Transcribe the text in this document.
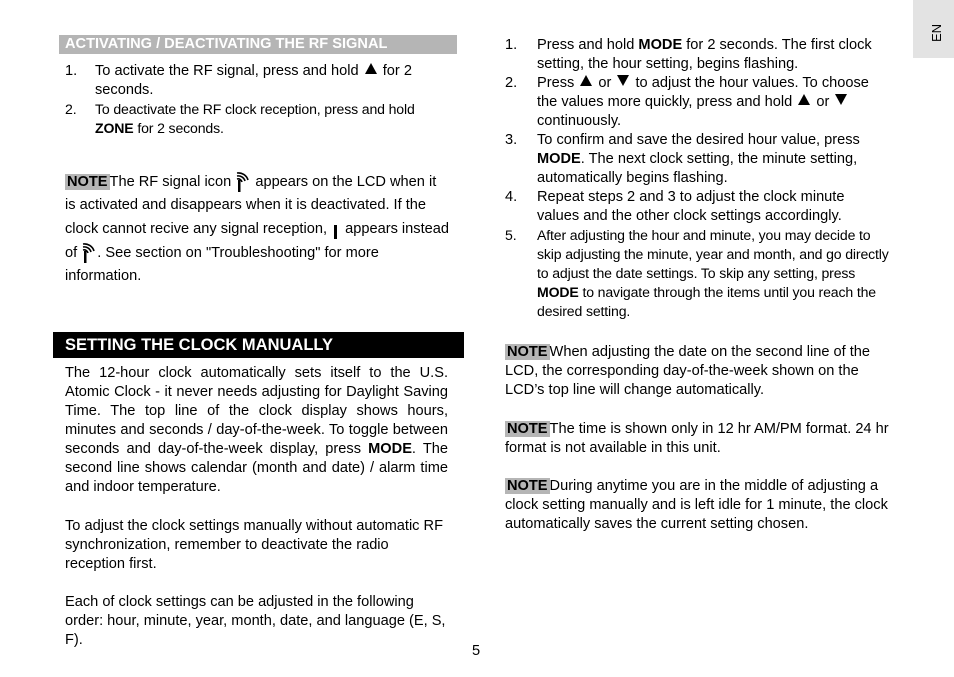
EN
ACTIVATING / DEACTIVATING THE RF SIGNAL
1. To activate the RF signal, press and hold  for 2 seconds.
2. To deactivate the RF clock reception, press and hold ZONE for 2 seconds.
NOTE The RF signal icon  appears on the LCD when it is activated and disappears when it is deactivated. If the clock cannot recive any signal reception,  appears instead of . See section on "Troubleshooting" for more information.
SETTING THE CLOCK MANUALLY
The 12-hour clock automatically sets itself to the U.S. Atomic Clock - it never needs adjusting for Daylight Saving Time. The top line of the clock display shows hours, minutes and seconds / day-of-the-week. To toggle between seconds and day-of-the-week display, press MODE. The second line shows calendar (month and date) / alarm time and indoor temperature.
To adjust the clock settings manually without automatic RF synchronization, remember to deactivate the radio reception first.
Each of clock settings can be adjusted in the following order: hour, minute, year, month, date, and language (E, S, F).
5
1. Press and hold MODE for 2 seconds. The first clock setting, the hour setting, begins flashing.
2. Press  or  to adjust the hour values. To choose the values more quickly, press and hold  or  continuously.
3. To confirm and save the desired hour value, press MODE. The next clock setting, the minute setting, automatically begins flashing.
4. Repeat steps 2 and 3 to adjust the clock minute values and the other clock settings accordingly.
5. After adjusting the hour and minute, you may decide to skip adjusting the minute, year and month, and go directly to adjust the date settings. To skip any setting, press MODE to navigate through the items until you reach the desired setting.
NOTE When adjusting the date on the second line of the LCD, the corresponding day-of-the-week shown on the LCD’s top line will change automatically.
NOTE The time is shown only in 12 hr AM/PM format. 24 hr format is not available in this unit.
NOTE During anytime you are in the middle of adjusting a clock setting manually and is left idle for 1 minute, the clock automatically saves the current setting chosen.
